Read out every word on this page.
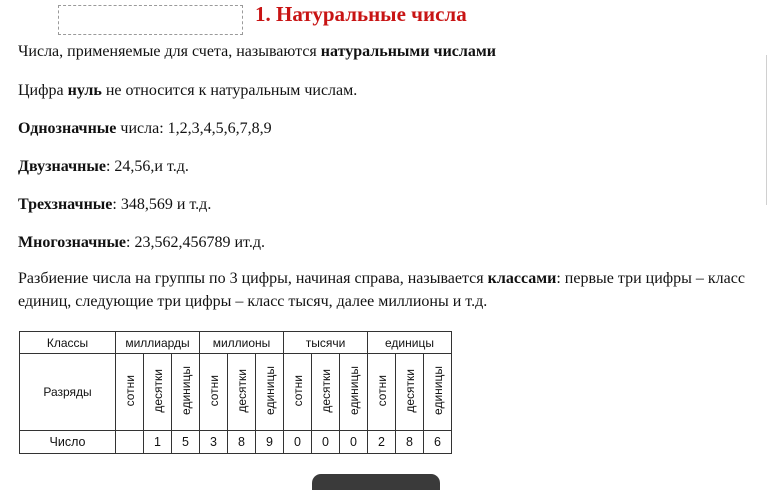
1. Натуральные числа
Числа, применяемые для счета, называются натуральными числами
Цифра нуль не относится к натуральным числам.
Однозначные числа: 1,2,3,4,5,6,7,8,9
Двузначные: 24,56,и т.д.
Трехзначные: 348,569 и т.д.
Многозначные: 23,562,456789 ит.д.
Разбиение числа на группы по 3 цифры, начиная справа, называется классами: первые три цифры – класс единиц, следующие три цифры – класс тысяч, далее миллионы и т.д.
Классы	миллиарды			миллионы			тысячи			единицы		
Разряды	сотни	десятки	единицы	сотни	десятки	единицы	сотни	десятки	единицы	сотни	десятки	единицы
Число		1	5	3	8	9	0	0	0	2	8	6
